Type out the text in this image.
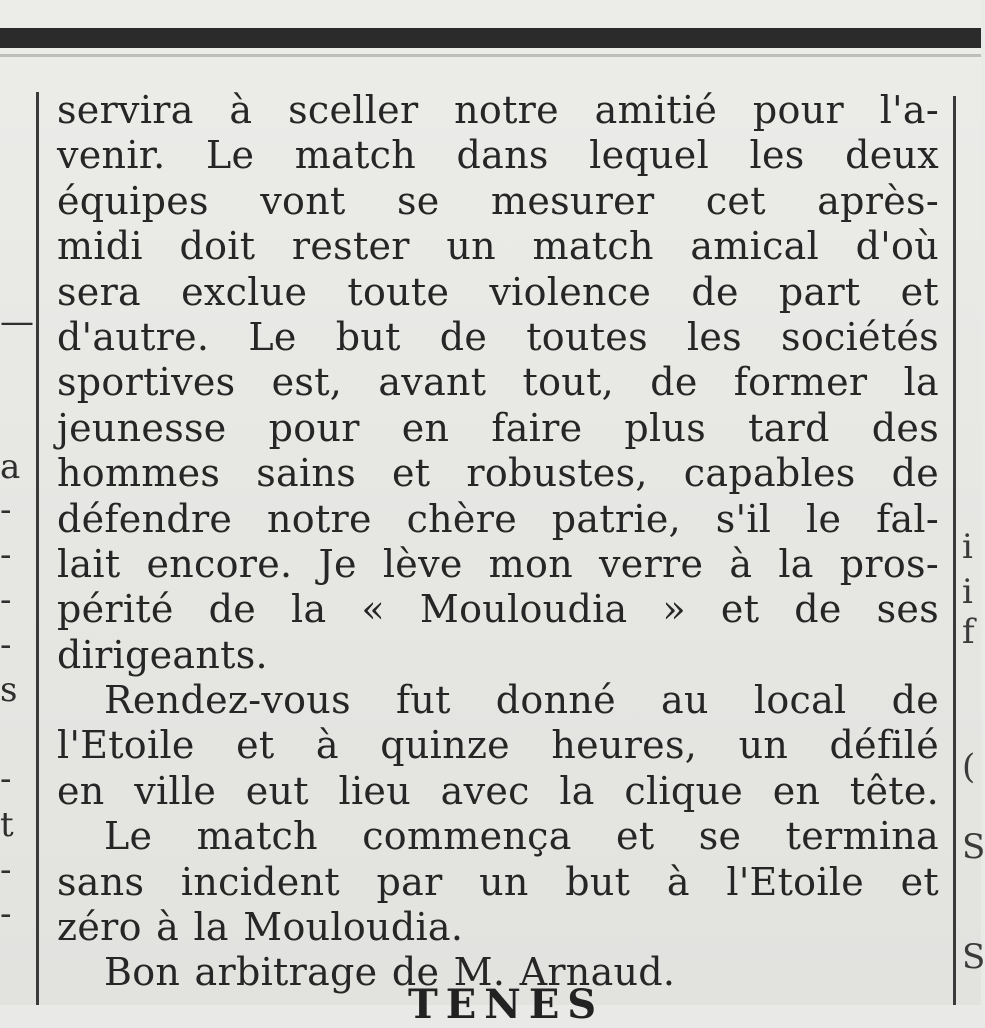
—
a
-
-
-
-
s
-
t
-
-
i
i
f
(
S
S
servira à sceller notre amitié pour l'a-
venir. Le match dans lequel les deux
équipes vont se mesurer cet après-
midi doit rester un match amical d'où
sera exclue toute violence de part et
d'autre. Le but de toutes les sociétés
sportives est, avant tout, de former la
jeunesse pour en faire plus tard des
hommes sains et robustes, capables de
défendre notre chère patrie, s'il le fal-
lait encore. Je lève mon verre à la pros-
périté de la « Mouloudia » et de ses
dirigeants.
Rendez-vous fut donné au local de
l'Etoile et à quinze heures, un défilé
en ville eut lieu avec la clique en tête.
Le match commença et se termina
sans incident par un but à l'Etoile et
zéro à la Mouloudia.
Bon arbitrage de M. Arnaud.
TENES
